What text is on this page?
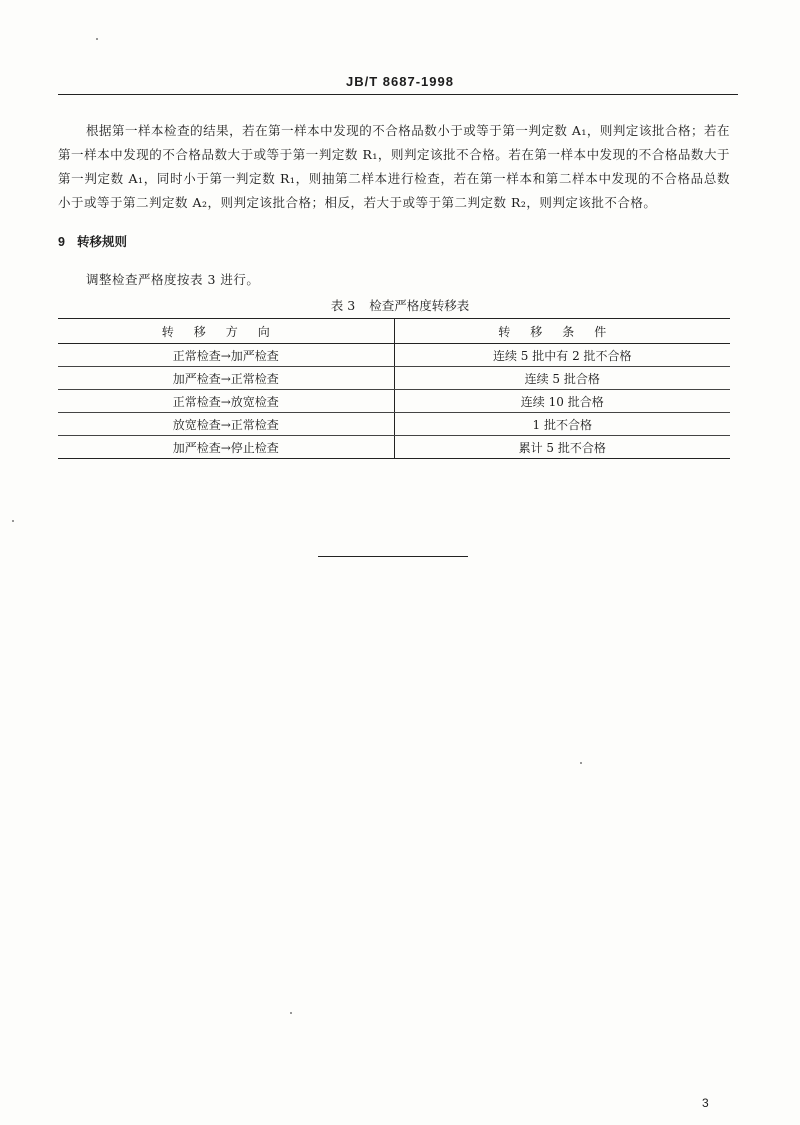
JB/T 8687-1998

根据第一样本检查的结果，若在第一样本中发现的不合格品数小于或等于第一判定数 A₁，则判定该批合格；若在第一样本中发现的不合格品数大于或等于第一判定数 R₁，则判定该批不合格。若在第一样本中发现的不合格品数大于第一判定数 A₁，同时小于第一判定数 R₁，则抽第二样本进行检查，若在第一样本和第二样本中发现的不合格品总数小于或等于第二判定数 A₂，则判定该批合格；相反，若大于或等于第二判定数 R₂，则判定该批不合格。

9 转移规则
调整检查严格度按表 3 进行。
表 3 检查严格度转移表
转移方向	转移条件
正常检查→加严检查	连续 5 批中有 2 批不合格
加严检查→正常检查	连续 5 批合格
正常检查→放宽检查	连续 10 批合格
放宽检查→正常检查	1 批不合格
加严检查→停止检查	累计 5 批不合格
3
